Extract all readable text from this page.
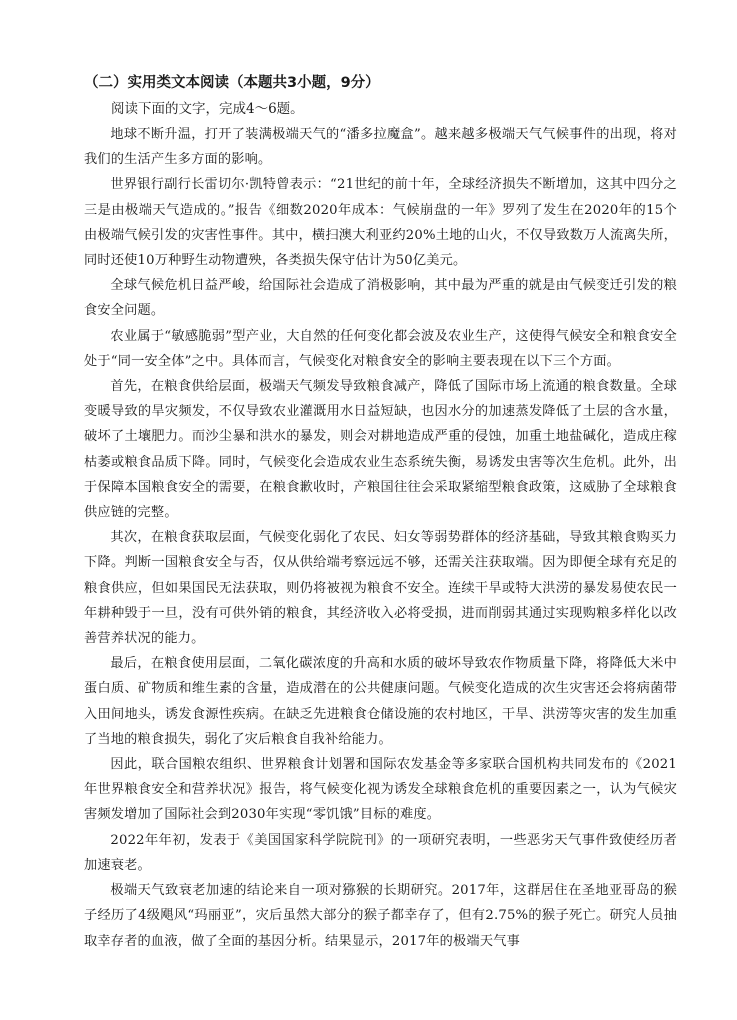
（二）实用类文本阅读（本题共3小题，9分）

阅读下面的文字，完成4～6题。

地球不断升温，打开了装满极端天气的“潘多拉魔盒”。越来越多极端天气气候事件的出现，将对我们的生活产生多方面的影响。

世界银行副行长雷切尔·凯特曾表示：“21世纪的前十年，全球经济损失不断增加，这其中四分之三是由极端天气造成的。”报告《细数2020年成本：气候崩盘的一年》罗列了发生在2020年的15个由极端气候引发的灾害性事件。其中，横扫澳大利亚约20%土地的山火，不仅导致数万人流离失所，同时还使10万种野生动物遭殃，各类损失保守估计为50亿美元。

全球气候危机日益严峻，给国际社会造成了消极影响，其中最为严重的就是由气候变迁引发的粮食安全问题。

农业属于“敏感脆弱”型产业，大自然的任何变化都会波及农业生产，这使得气候安全和粮食安全处于“同一安全体”之中。具体而言，气候变化对粮食安全的影响主要表现在以下三个方面。

首先，在粮食供给层面，极端天气频发导致粮食减产，降低了国际市场上流通的粮食数量。全球变暖导致的旱灾频发，不仅导致农业灌溉用水日益短缺，也因水分的加速蒸发降低了土层的含水量，破坏了土壤肥力。而沙尘暴和洪水的暴发，则会对耕地造成严重的侵蚀，加重土地盐碱化，造成庄稼枯萎或粮食品质下降。同时，气候变化会造成农业生态系统失衡，易诱发虫害等次生危机。此外，出于保障本国粮食安全的需要，在粮食歉收时，产粮国往往会采取紧缩型粮食政策，这威胁了全球粮食供应链的完整。

其次，在粮食获取层面，气候变化弱化了农民、妇女等弱势群体的经济基础，导致其粮食购买力下降。判断一国粮食安全与否，仅从供给端考察远远不够，还需关注获取端。因为即便全球有充足的粮食供应，但如果国民无法获取，则仍将被视为粮食不安全。连续干旱或特大洪涝的暴发易使农民一年耕种毁于一旦，没有可供外销的粮食，其经济收入必将受损，进而削弱其通过实现购粮多样化以改善营养状况的能力。

最后，在粮食使用层面，二氧化碳浓度的升高和水质的破坏导致农作物质量下降，将降低大米中蛋白质、矿物质和维生素的含量，造成潜在的公共健康问题。气候变化造成的次生灾害还会将病菌带入田间地头，诱发食源性疾病。在缺乏先进粮食仓储设施的农村地区，干旱、洪涝等灾害的发生加重了当地的粮食损失，弱化了灾后粮食自我补给能力。

因此，联合国粮农组织、世界粮食计划署和国际农发基金等多家联合国机构共同发布的《2021年世界粮食安全和营养状况》报告，将气候变化视为诱发全球粮食危机的重要因素之一，认为气候灾害频发增加了国际社会到2030年实现“零饥饿”目标的难度。

2022年年初，发表于《美国国家科学院院刊》的一项研究表明，一些恶劣天气事件致使经历者加速衰老。

极端天气致衰老加速的结论来自一项对猕猴的长期研究。2017年，这群居住在圣地亚哥岛的猴子经历了4级飓风“玛丽亚”，灾后虽然大部分的猴子都幸存了，但有2.75%的猴子死亡。研究人员抽取幸存者的血液，做了全面的基因分析。结果显示，2017年的极端天气事
